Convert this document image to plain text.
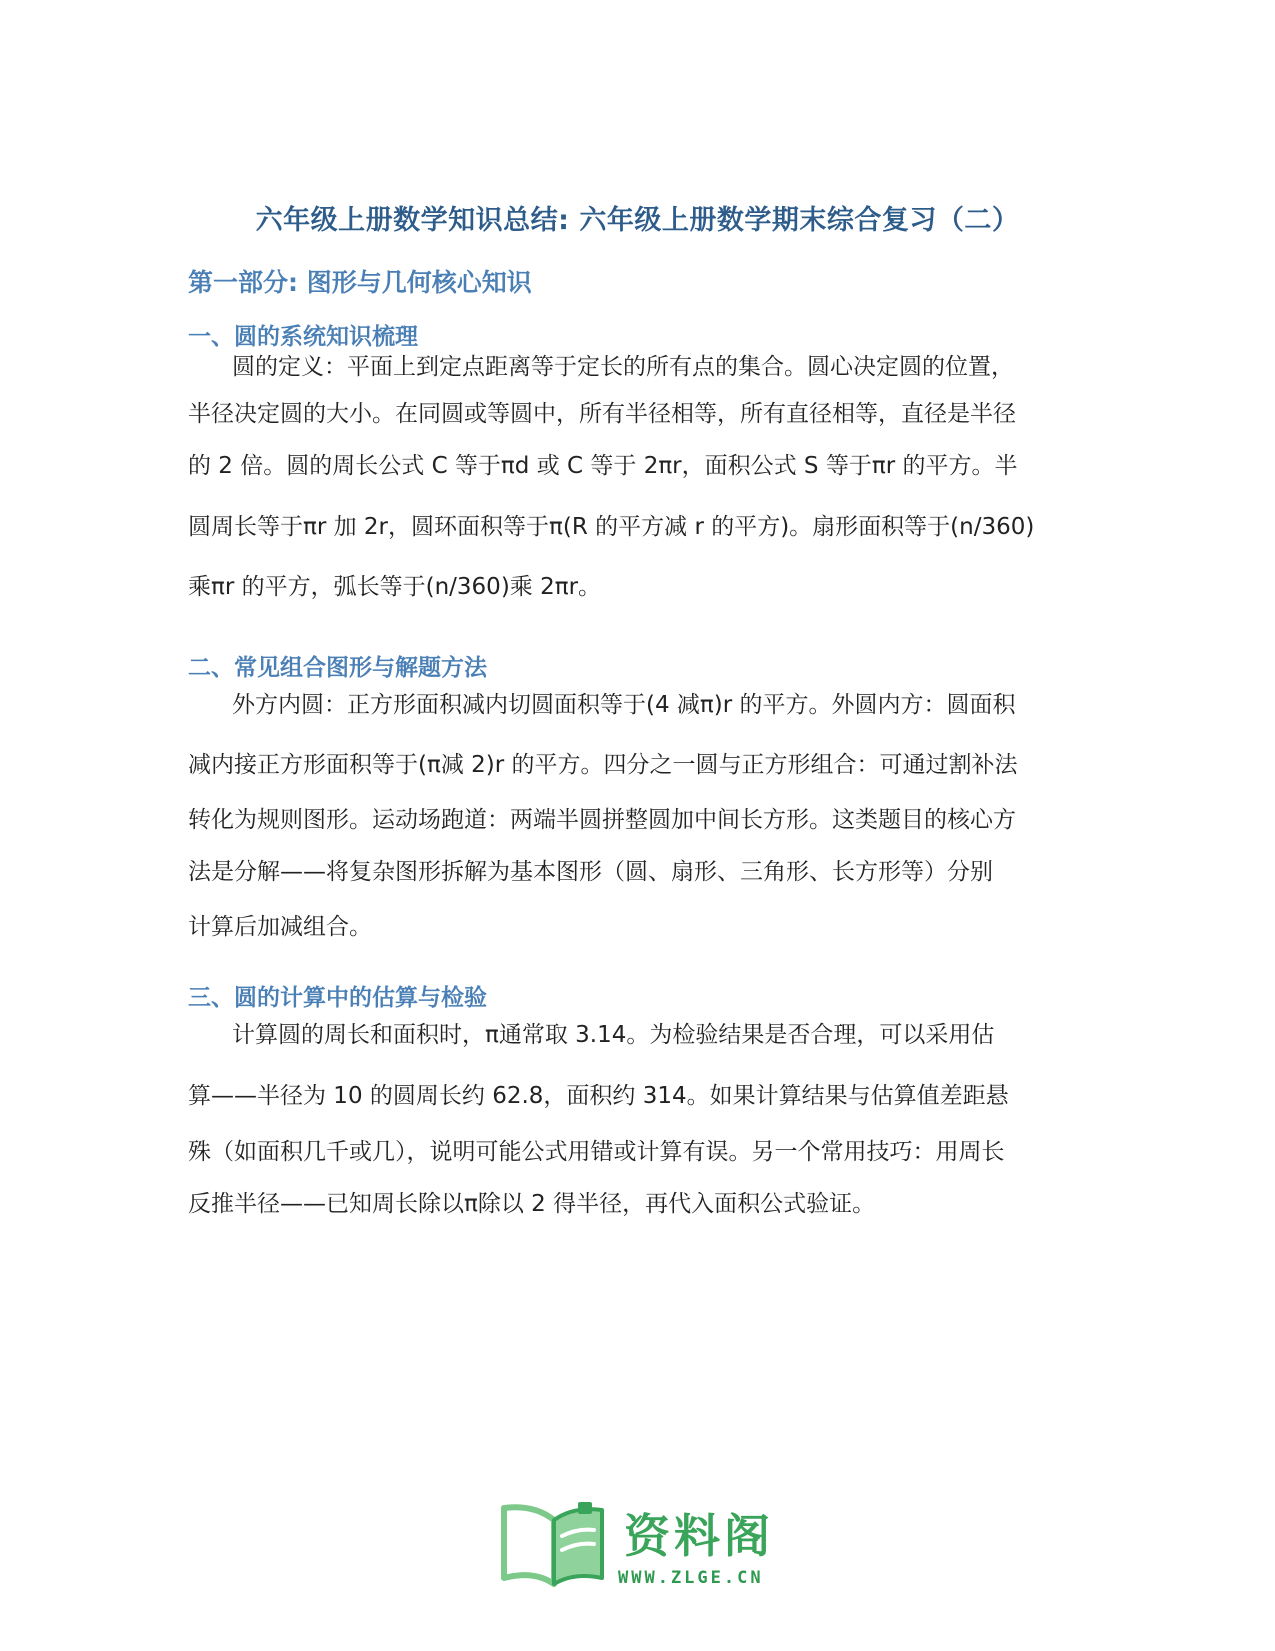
六年级上册数学知识总结: 六年级上册数学期末综合复习（二）
第一部分: 图形与几何核心知识
一、圆的系统知识梳理
圆的定义：平面上到定点距离等于定长的所有点的集合。圆心决定圆的位置，
半径决定圆的大小。在同圆或等圆中，所有半径相等，所有直径相等，直径是半径
的 2 倍。圆的周长公式 C 等于πd 或 C 等于 2πr，面积公式 S 等于πr 的平方。半
圆周长等于πr 加 2r，圆环面积等于π(R 的平方减 r 的平方)。扇形面积等于(n/360)
乘πr 的平方，弧长等于(n/360)乘 2πr。
二、常见组合图形与解题方法
外方内圆：正方形面积减内切圆面积等于(4 减π)r 的平方。外圆内方：圆面积
减内接正方形面积等于(π减 2)r 的平方。四分之一圆与正方形组合：可通过割补法
转化为规则图形。运动场跑道：两端半圆拼整圆加中间长方形。这类题目的核心方
法是分解——将复杂图形拆解为基本图形（圆、扇形、三角形、长方形等）分别
计算后加减组合。
三、圆的计算中的估算与检验
计算圆的周长和面积时，π通常取 3.14。为检验结果是否合理，可以采用估
算——半径为 10 的圆周长约 62.8，面积约 314。如果计算结果与估算值差距悬
殊（如面积几千或几），说明可能公式用错或计算有误。另一个常用技巧：用周长
反推半径——已知周长除以π除以 2 得半径，再代入面积公式验证。
资料阁
WWW.ZLGE.CN
